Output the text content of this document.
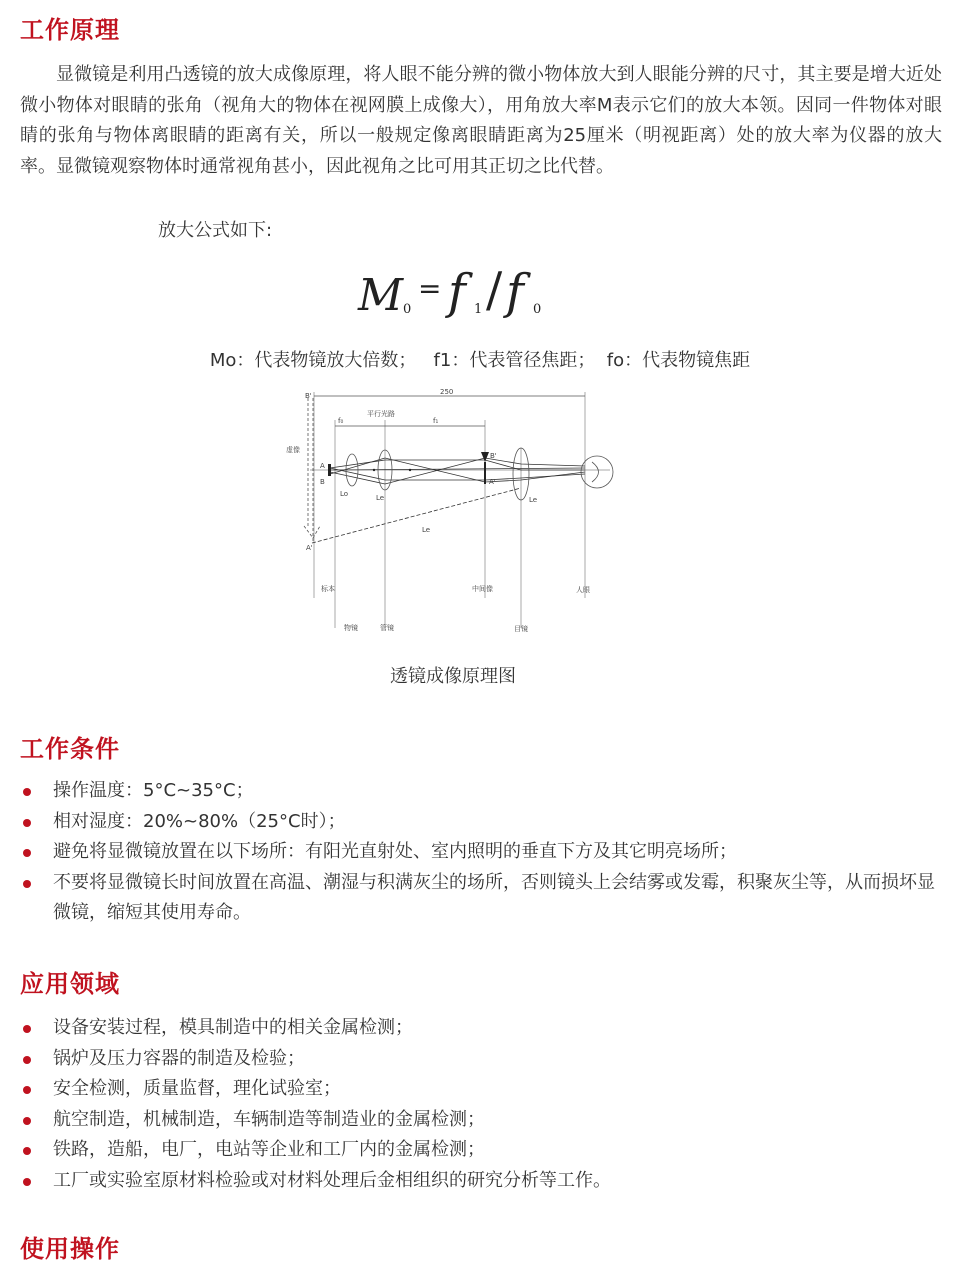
工作原理

显微镜是利用凸透镜的放大成像原理，将人眼不能分辨的微小物体放大到人眼能分辨的尺寸，其主要是增大近处微小物体对眼睛的张角（视角大的物体在视网膜上成像大），用角放大率M表示它们的放大本领。因同一件物体对眼睛的张角与物体离眼睛的距离有关，所以一般规定像离眼睛距离为25厘米（明视距离）处的放大率为仪器的放大率。显微镜观察物体时通常视角甚小，因此视角之比可用其正切之比代替。

放大公式如下:
M 0
= f 1 / f 0
Mo：代表物镜放大倍数；   f1：代表管径焦距；  fo：代表物镜焦距
B'	250
f₀
平行光路
f₁
虚像
A
B
Lo	Le
B'
A'
Le
Le
A'
标本	中间像	人眼
物镜	管镜	目镜
透镜成像原理图
工作条件
操作温度：5°C~35°C；
相对湿度：20%~80%（25°C时）；
避免将显微镜放置在以下场所：有阳光直射处、室内照明的垂直下方及其它明亮场所；
不要将显微镜长时间放置在高温、潮湿与积满灰尘的场所，否则镜头上会结雾或发霉，积聚灰尘等，从而损坏显微镜，缩短其使用寿命。
应用领域
设备安装过程，模具制造中的相关金属检测；
锅炉及压力容器的制造及检验；
安全检测，质量监督，理化试验室；
航空制造，机械制造，车辆制造等制造业的金属检测；
铁路，造船，电厂，电站等企业和工厂内的金属检测；
工厂或实验室原材料检验或对材料处理后金相组织的研究分析等工作。
使用操作
